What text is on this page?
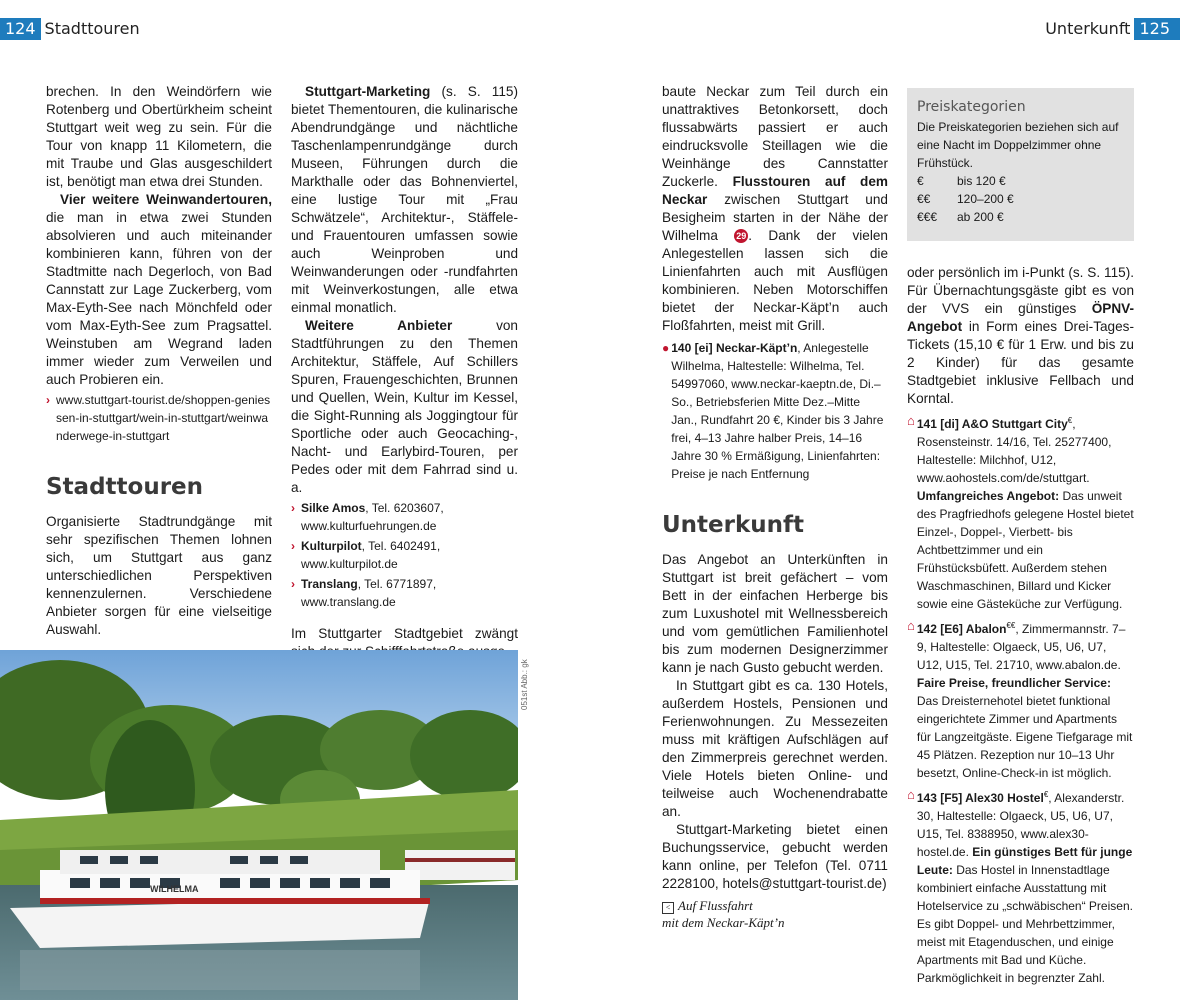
124 Stadttouren	Unterkunft 125

brechen. In den Weindörfern wie Rotenberg und Obertürkheim scheint Stuttgart weit weg zu sein. Für die Tour von knapp 11 Kilometern, die mit Traube und Glas ausgeschildert ist, benötigt man etwa drei Stunden.

Vier weitere Weinwandertouren, die man in etwa zwei Stunden absolvieren und auch miteinander kombinieren kann, führen von der Stadtmitte nach Degerloch, von Bad Cannstatt zur Lage Zuckerberg, vom Max-Eyth-See nach Mönchfeld oder vom Max-Eyth-See zum Pragsattel. Weinstuben am Wegrand laden immer wieder zum Verweilen und auch Probieren ein.

› www.stuttgart-tourist.de/shoppen-geniessen-in-stuttgart/wein-in-stuttgart/weinwanderwege-in-stuttgart
Stadttouren

Organisierte Stadtrundgänge mit sehr spezifischen Themen lohnen sich, um Stuttgart aus ganz unterschiedlichen Perspektiven kennenzulernen. Verschiedene Anbieter sorgen für eine vielseitige Auswahl.

Stuttgart-Marketing (s. S. 115) bietet Thementouren, die kulinarische Abendrundgänge und nächtliche Taschenlampenrundgänge durch Museen, Führungen durch die Markthalle oder das Bohnenviertel, eine lustige Tour mit „Frau Schwätzele“, Architektur-, Stäffele- und Frauentouren umfassen sowie auch Weinproben und Weinwanderungen oder -rundfahrten mit Weinverkostungen, alle etwa einmal monatlich.

Weitere Anbieter von Stadtführungen zu den Themen Architektur, Stäffele, Auf Schillers Spuren, Frauengeschichten, Brunnen und Quellen, Wein, Kultur im Kessel, die Sight-Running als Joggingtour für Sportliche oder auch Geocaching-, Nacht- und Earlybird-Touren, per Pedes oder mit dem Fahrrad sind u. a.

› Silke Amos, Tel. 6203607, www.kulturfuehrungen.de
› Kulturpilot, Tel. 6402491, www.kulturpilot.de
› Translang, Tel. 6771897, www.translang.de

Im Stuttgarter Stadtgebiet zwängt

WILHELMA
051st Abb.: gk

baute Neckar zum Teil durch ein unattraktives Betonkorsett, doch flussabwärts passiert er auch eindrucksvolle Steillagen wie die Weinhänge des Cannstatter Zuckerle. Flusstouren auf dem Neckar zwischen Stuttgart und Besigheim starten in der Nähe der Wilhelma 29 . Dank der vielen Anlegestellen lassen sich die Linienfahrten auch mit Ausflügen kombinieren. Neben Motorschiffen bietet der Neckar-Käpt’n auch Floßfahrten, meist mit Grill.

● 140 [ei] Neckar-Käpt’n, Anlegestelle Wilhelma, Haltestelle: Wilhelma, Tel. 54997060, www.neckar-kaeptn.de, Di.–So., Betriebsferien Mitte Dez.–Mitte Jan., Rundfahrt 20 €, Kinder bis 3 Jahre frei, 4–13 Jahre halber Preis, 14–16 Jahre 30 % Ermäßigung, Linienfahrten: Preise je nach Entfernung
Unterkunft

Das Angebot an Unterkünften in Stuttgart ist breit gefächert – vom Bett in der einfachen Herberge bis zum Luxushotel mit Wellnessbereich und vom gemütlichen Familienhotel bis zum modernen Designerzimmer kann je nach Gusto gebucht werden.

In Stuttgart gibt es ca. 130 Hotels, außerdem Hostels, Pensionen und Ferienwohnungen. Zu Messezeiten muss mit kräftigen Aufschlägen auf den Zimmerpreis gerechnet werden. Viele Hotels bieten Online- und teilweise auch Wochenendrabatte an.

Stuttgart-Marketing bietet einen Buchungsservice, gebucht werden kann online, per Telefon (Tel. 0711 2228100, hotels@stuttgart-tourist.de)

< Auf Flussfahrt
mit dem Neckar-Käpt’n
Preiskategorien
Die Preiskategorien beziehen sich auf eine Nacht im Doppelzimmer ohne Frühstück.
€	bis 120 €
€€	120–200 €
€€€	ab 200 €

oder persönlich im i-Punkt (s. S. 115). Für Übernachtungsgäste gibt es von der VVS ein günstiges ÖPNV-Angebot in Form eines Drei-Tages-Tickets (15,10 € für 1 Erw. und bis zu 2 Kinder) für das gesamte Stadtgebiet inklusive Fellbach und Korntal.

⌂ 141 [di] A&O Stuttgart City€, Rosensteinstr. 14/16, Tel. 25277400, Haltestelle: Milchhof, U12, www.aohostels.com/de/stuttgart. Umfangreiches Angebot: Das unweit des Pragfriedhofs gelegene Hostel bietet Einzel-, Doppel-, Vierbett- bis Achtbettzimmer und ein Frühstücksbüfett. Außerdem stehen Waschmaschinen, Billard und Kicker sowie eine Gästeküche zur Verfügung.
⌂ 142 [E6] Abalon€€, Zimmermannstr. 7–9, Haltestelle: Olgaeck, U5, U6, U7, U12, U15, Tel. 21710, www.abalon.de. Faire Preise, freundlicher Service: Das Dreisternehotel bietet funktional eingerichtete Zimmer und Apartments für Langzeitgäste. Eigene Tiefgarage mit 45 Plätzen. Rezeption nur 10–13 Uhr besetzt, Online-Check-in ist möglich.
⌂ 143 [F5] Alex30 Hostel€, Alexanderstr. 30, Haltestelle: Olgaeck, U5, U6, U7, U15, Tel. 8388950, www.alex30-hostel.de. Ein günstiges Bett für junge Leute: Das Hostel in Innenstadtlage kombiniert einfache Ausstattung mit Hotelservice zu „schwäbischen“ Preisen. Es gibt Doppel- und Mehrbettzimmer, meist mit Etagenduschen, und einige Apartments mit Bad und Küche. Parkmöglichkeit in begrenzter Zahl.
